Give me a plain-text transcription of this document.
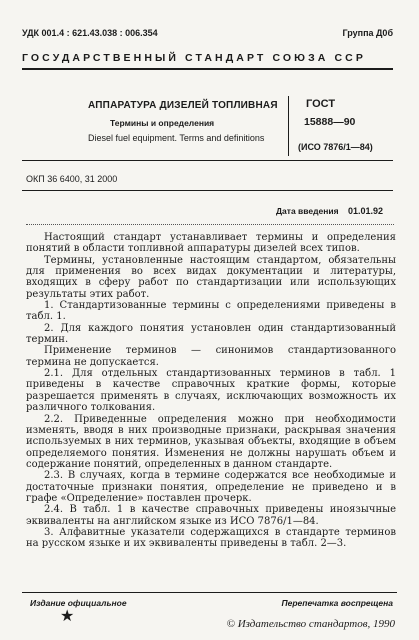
УДК 001.4 : 621.43.038 : 006.354	Группа Д0б
ГОСУДАРСТВЕННЫЙ СТАНДАРТ СОЮЗА ССР
АППАРАТУРА ДИЗЕЛЕЙ ТОПЛИВНАЯ
Термины и определения
Diesel fuel equipment. Terms and definitions
ГОСТ
15888—90
(ИСО 7876/1—84)
ОКП 36 6400, 31 2000
Дата введения 01.01.92

Настоящий стандарт устанавливает термины и определения понятий в области топливной аппаратуры дизелей всех типов.

Термины, установленные настоящим стандартом, обязательны для применения во всех видах документации и литературы, входящих в сферу работ по стандартизации или использующих результаты этих работ.

1. Стандартизованные термины с определениями приведены в табл. 1.

2. Для каждого понятия установлен один стандартизованный термин.

Применение терминов — синонимов стандартизованного термина не допускается.

2.1. Для отдельных стандартизованных терминов в табл. 1 приведены в качестве справочных краткие формы, которые разрешается применять в случаях, исключающих возможность их различного толкования.

2.2. Приведенные определения можно при необходимости изменять, вводя в них производные признаки, раскрывая значения используемых в них терминов, указывая объекты, входящие в объем определяемого понятия. Изменения не должны нарушать объем и содержание понятий, определенных в данном стандарте.

2.3. В случаях, когда в термине содержатся все необходимые и достаточные признаки понятия, определение не приведено и в графе «Определение» поставлен прочерк.

2.4. В табл. 1 в качестве справочных приведены иноязычные эквиваленты на английском языке из ИСО 7876/1—84.

3. Алфавитные указатели содержащихся в стандарте терминов на русском языке и их эквиваленты приведены в табл. 2—3.

Издание официальное	Перепечатка воспрещена
★	© Издательство стандартов, 1990
